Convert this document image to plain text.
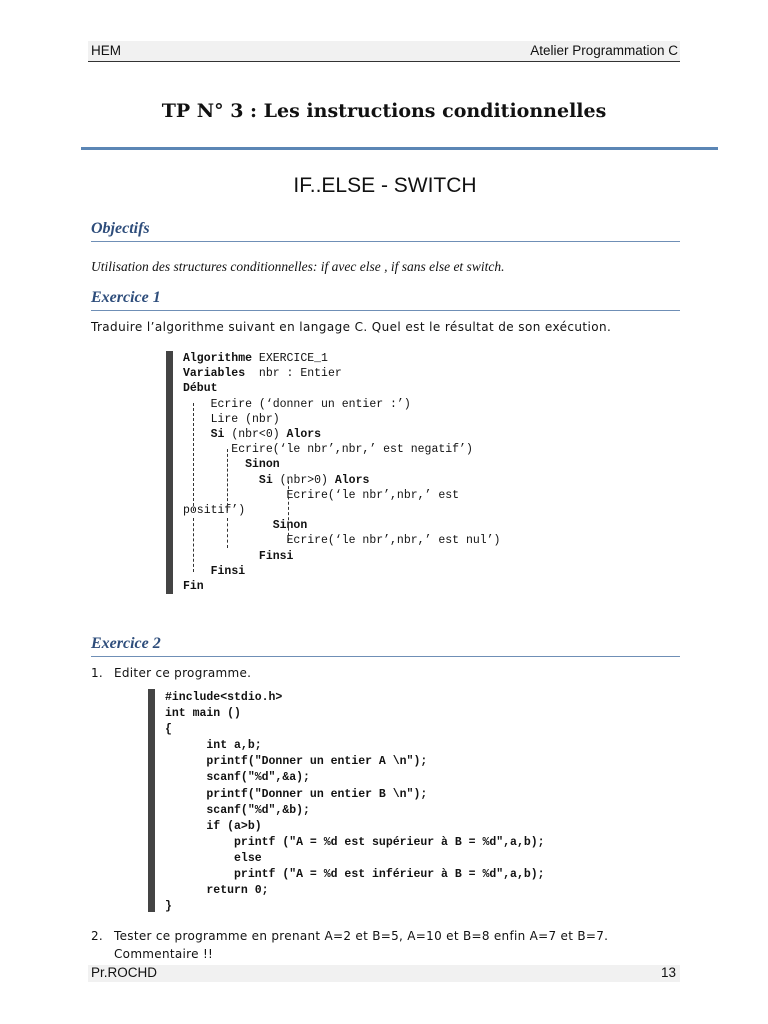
HEM	Atelier Programmation C
TP N° 3 : Les instructions conditionnelles
IF..ELSE - SWITCH
Objectifs
Utilisation des structures conditionnelles: if avec else , if sans else et switch.
Exercice 1
Traduire l’algorithme suivant en langage C. Quel est le résultat de son exécution.
Algorithme EXERCICE_1
Variables  nbr : Entier
Début
Ecrire (‘donner un entier :’)
Lire (nbr)
Si (nbr<0) Alors
Ecrire(‘le nbr’,nbr,’ est negatif’)
Sinon
Si (nbr>0) Alors
Ecrire(‘le nbr’,nbr,’ est
positif’)
Sinon
Ecrire(‘le nbr’,nbr,’ est nul’)
Finsi
Finsi
Fin
Exercice 2
1. Editer ce programme.
#include<stdio.h>
int main ()
{
int a,b;
printf("Donner un entier A \n");
scanf("%d",&a);
printf("Donner un entier B \n");
scanf("%d",&b);
if (a>b)
printf ("A = %d est supérieur à B = %d",a,b);
else
printf ("A = %d est inférieur à B = %d",a,b);
return 0;
}
2. Tester ce programme en prenant A=2 et B=5, A=10 et B=8 enfin A=7 et B=7.
Commentaire !!
Pr.ROCHD	13
